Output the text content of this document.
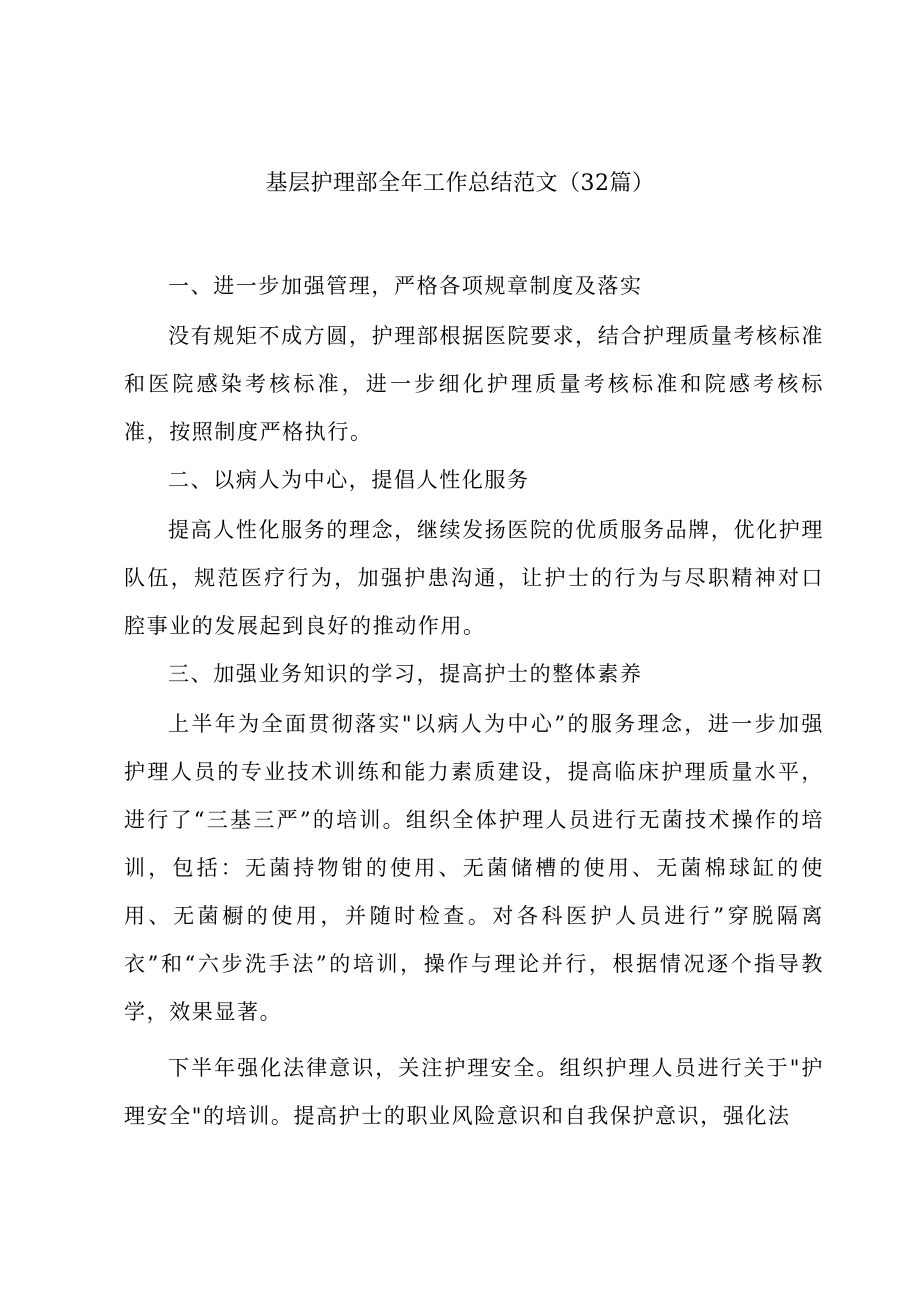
基层护理部全年工作总结范文（32篇）

一、进一步加强管理，严格各项规章制度及落实

没有规矩不成方圆，护理部根据医院要求，结合护理质量考核标准和医院感染考核标准，进一步细化护理质量考核标准和院感考核标准，按照制度严格执行。

二、以病人为中心，提倡人性化服务

提高人性化服务的理念，继续发扬医院的优质服务品牌，优化护理队伍，规范医疗行为，加强护患沟通，让护士的行为与尽职精神对口腔事业的发展起到良好的推动作用。

三、加强业务知识的学习，提高护士的整体素养

上半年为全面贯彻落实"以病人为中心”的服务理念，进一步加强护理人员的专业技术训练和能力素质建设，提高临床护理质量水平，进行了“三基三严”的培训。组织全体护理人员进行无菌技术操作的培训，包括：无菌持物钳的使用、无菌储槽的使用、无菌棉球缸的使用、无菌橱的使用，并随时检查。对各科医护人员进行”穿脱隔离衣”和“六步洗手法”的培训，操作与理论并行，根据情况逐个指导教学，效果显著。

下半年强化法律意识，关注护理安全。组织护理人员进行关于"护理安全"的培训。提高护士的职业风险意识和自我保护意识，强化法
